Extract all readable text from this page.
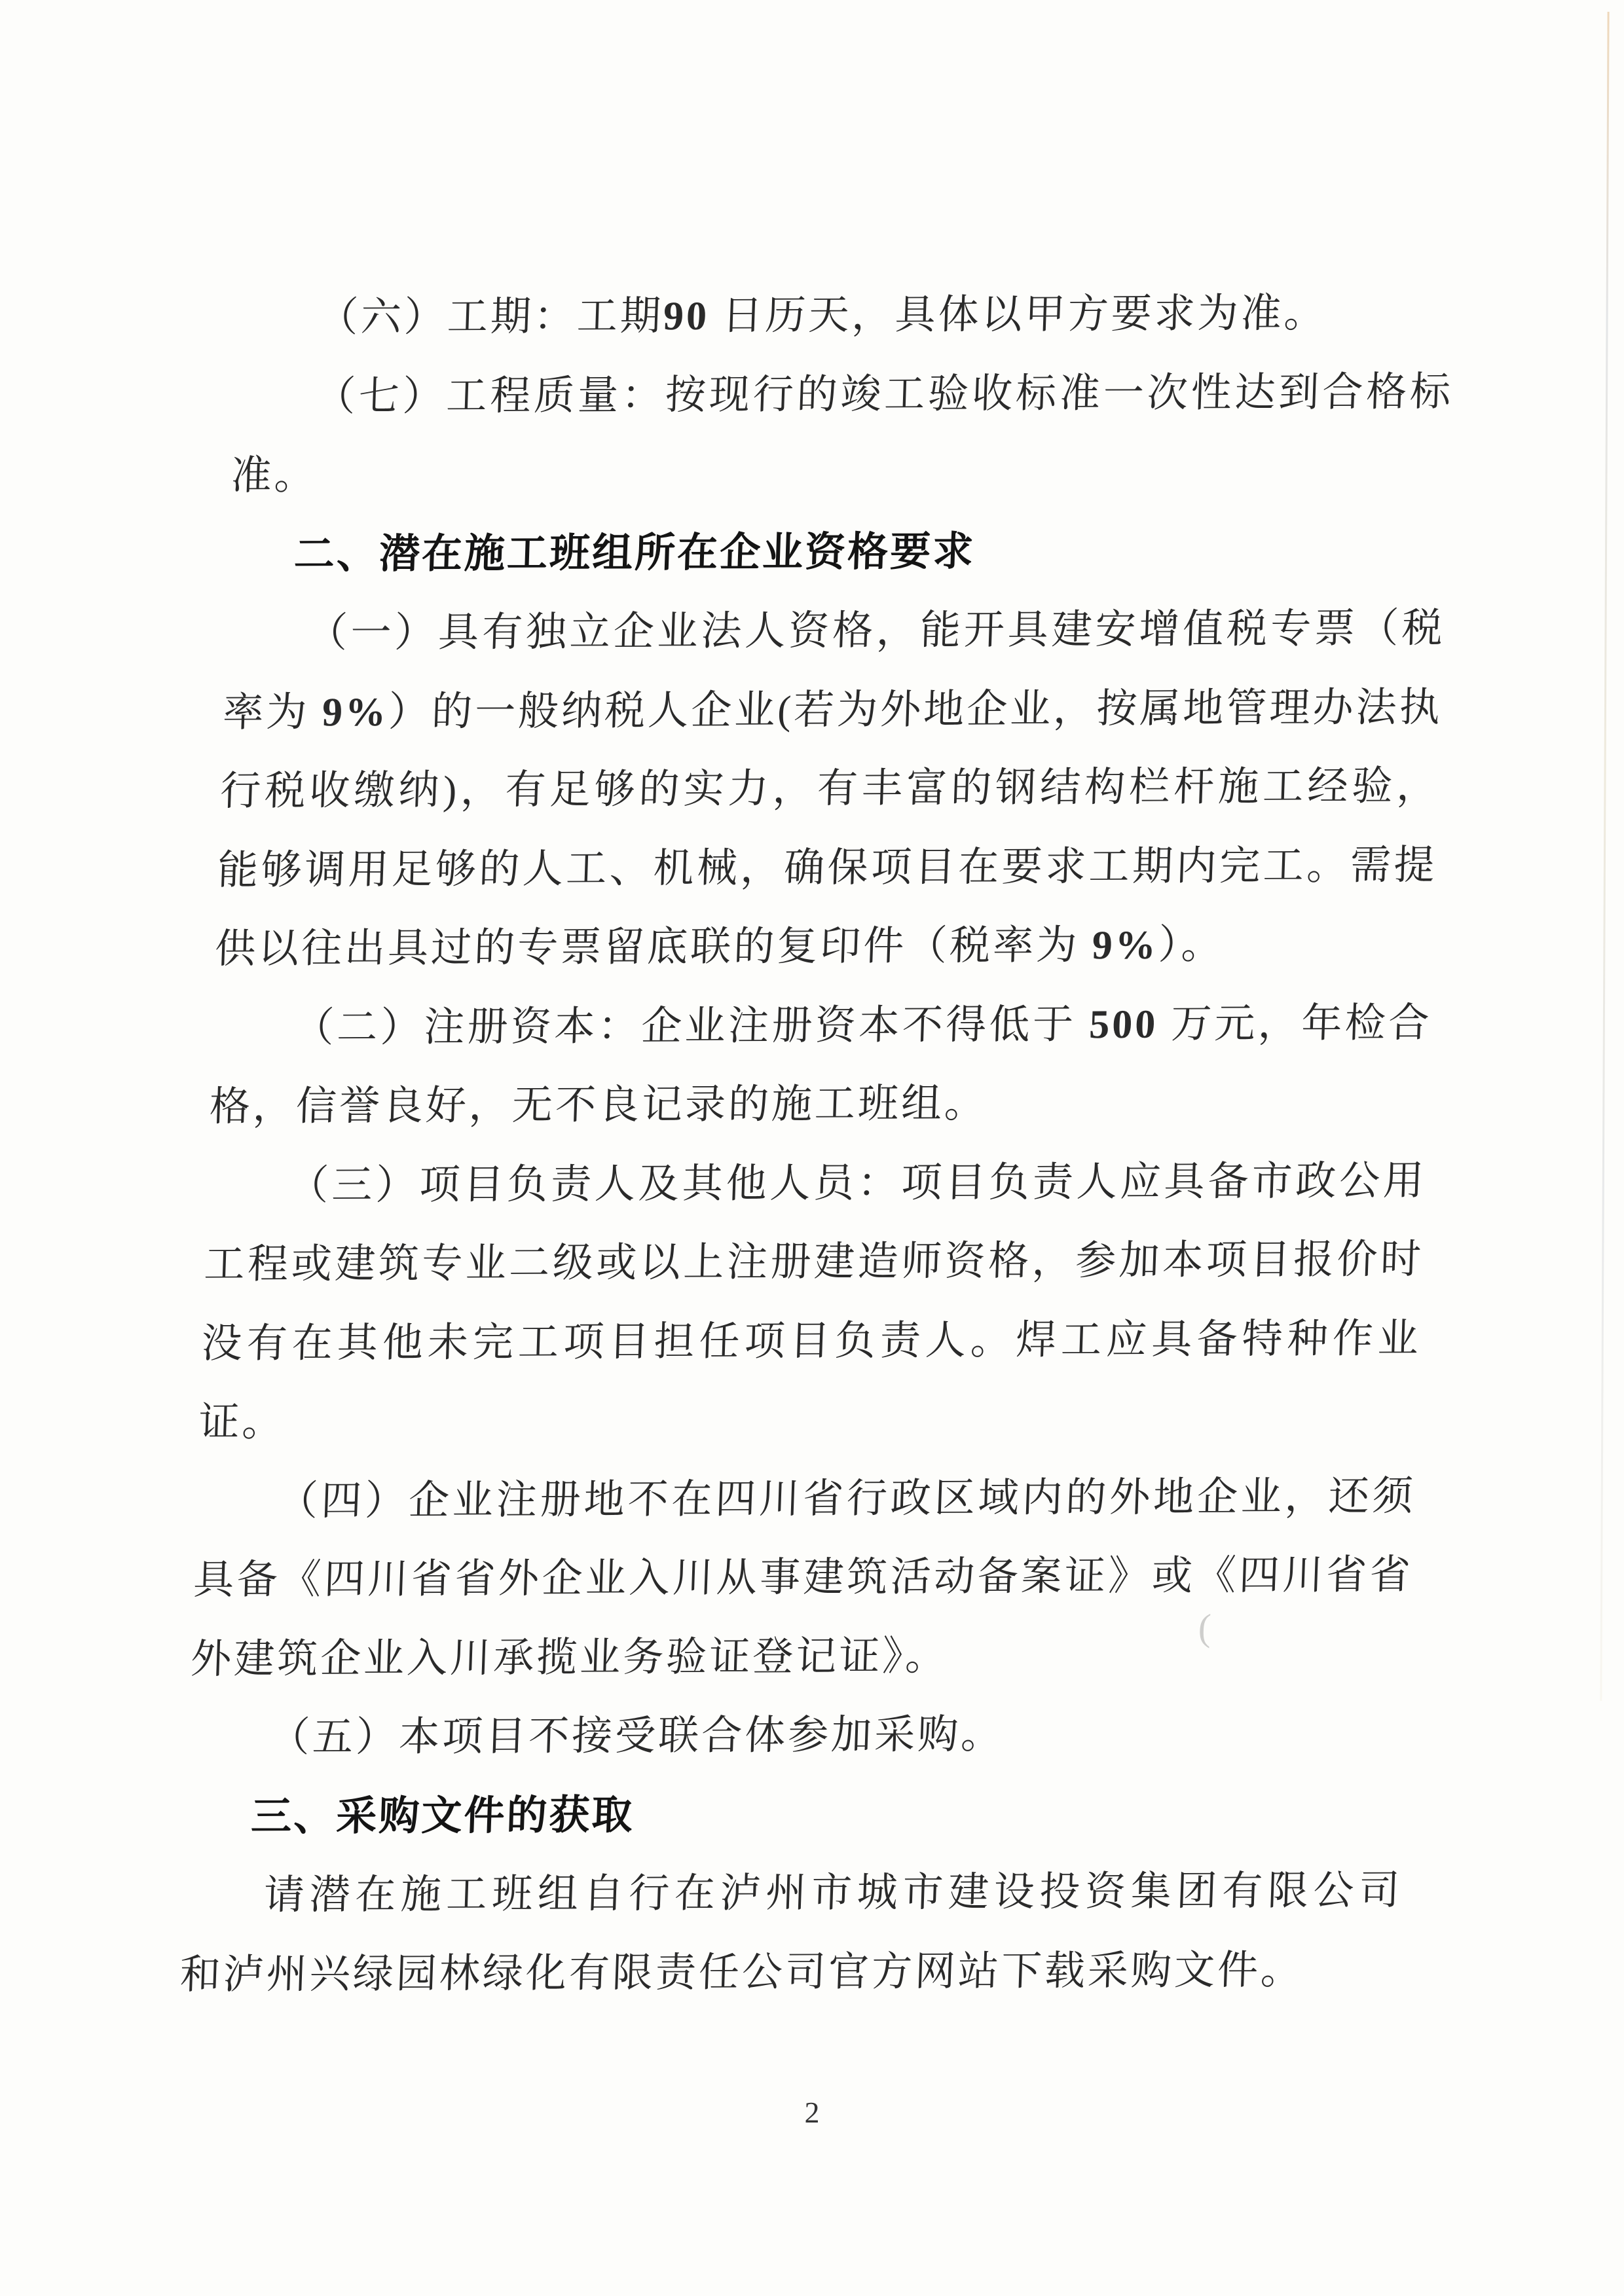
（六）工期：工期90 日历天，具体以甲方要求为准。
（七）工程质量：按现行的竣工验收标准一次性达到合格标
准。
二、潜在施工班组所在企业资格要求
（一）具有独立企业法人资格，能开具建安增值税专票（税
率为 9%）的一般纳税人企业(若为外地企业，按属地管理办法执
行税收缴纳)，有足够的实力，有丰富的钢结构栏杆施工经验，
能够调用足够的人工、机械，确保项目在要求工期内完工。需提
供以往出具过的专票留底联的复印件（税率为 9%）。
（二）注册资本：企业注册资本不得低于 500 万元，年检合
格，信誉良好，无不良记录的施工班组。
（三）项目负责人及其他人员：项目负责人应具备市政公用
工程或建筑专业二级或以上注册建造师资格，参加本项目报价时
没有在其他未完工项目担任项目负责人。焊工应具备特种作业
证。
（四）企业注册地不在四川省行政区域内的外地企业，还须
具备《四川省省外企业入川从事建筑活动备案证》或《四川省省
外建筑企业入川承揽业务验证登记证》。
（五）本项目不接受联合体参加采购。
三、采购文件的获取
请潜在施工班组自行在泸州市城市建设投资集团有限公司
和泸州兴绿园林绿化有限责任公司官方网站下载采购文件。
2
(
